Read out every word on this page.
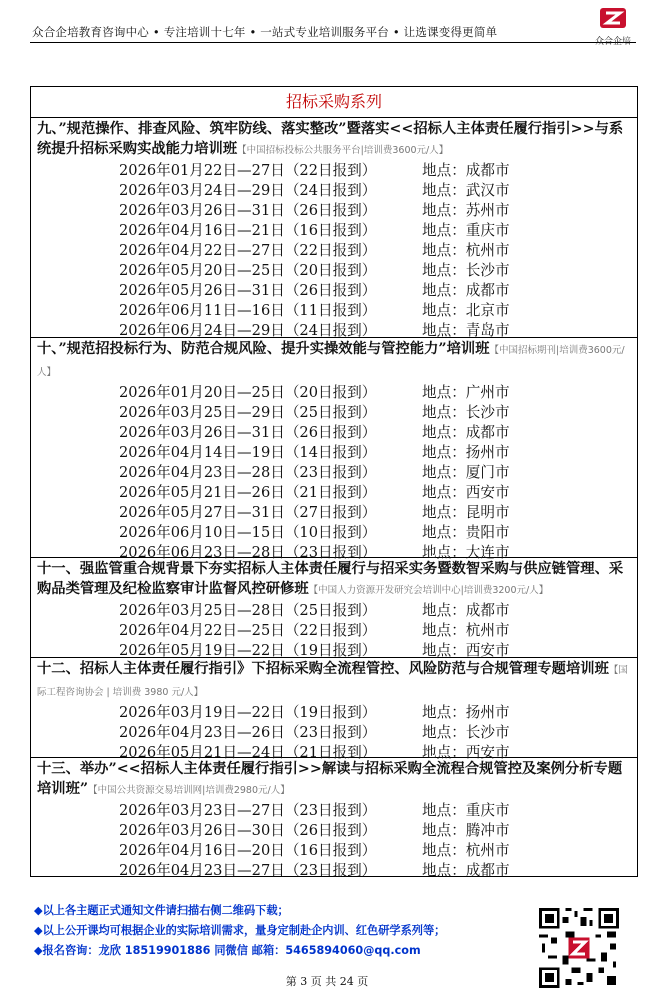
众合企培教育咨询中心 • 专注培训十七年 • 一站式专业培训服务平台 • 让选课变得更简单
众合企培
招标采购系列
九、”规范操作、排查风险、筑牢防线、落实整改”暨落实<<招标人主体责任履行指引>>与系统提升招标采购实战能力培训班【中国招标投标公共服务平台|培训费3600元/人】
2026年01月22日—27日（22日报到）	地点：成都市
2026年03月24日—29日（24日报到）	地点：武汉市
2026年03月26日—31日（26日报到）	地点：苏州市
2026年04月16日—21日（16日报到）	地点：重庆市
2026年04月22日—27日（22日报到）	地点：杭州市
2026年05月20日—25日（20日报到）	地点：长沙市
2026年05月26日—31日（26日报到）	地点：成都市
2026年06月11日—16日（11日报到）	地点：北京市
2026年06月24日—29日（24日报到）	地点：青岛市
十、”规范招投标行为、防范合规风险、提升实操效能与管控能力”培训班【中国招标期刊|培训费3600元/人】
2026年01月20日—25日（20日报到）	地点：广州市
2026年03月25日—29日（25日报到）	地点：长沙市
2026年03月26日—31日（26日报到）	地点：成都市
2026年04月14日—19日（14日报到）	地点：扬州市
2026年04月23日—28日（23日报到）	地点：厦门市
2026年05月21日—26日（21日报到）	地点：西安市
2026年05月27日—31日（27日报到）	地点：昆明市
2026年06月10日—15日（10日报到）	地点：贵阳市
2026年06月23日—28日（23日报到）	地点：大连市
十一、强监管重合规背景下夯实招标人主体责任履行与招采实务暨数智采购与供应链管理、采购品类管理及纪检监察审计监督风控研修班【中国人力资源开发研究会培训中心|培训费3200元/人】
2026年03月25日—28日（25日报到）	地点：成都市
2026年04月22日—25日（22日报到）	地点：杭州市
2026年05月19日—22日（19日报到）	地点：西安市
十二、招标人主体责任履行指引》下招标采购全流程管控、风险防范与合规管理专题培训班【国际工程咨询协会 | 培训费 3980 元/人】
2026年03月19日—22日（19日报到）	地点：扬州市
2026年04月23日—26日（23日报到）	地点：长沙市
2026年05月21日—24日（21日报到）	地点：西安市
十三、举办”<<招标人主体责任履行指引>>解读与招标采购全流程合规管控及案例分析专题培训班”【中国公共资源交易培训网|培训费2980元/人】
2026年03月23日—27日（23日报到）	地点：重庆市
2026年03月26日—30日（26日报到）	地点：腾冲市
2026年04月16日—20日（16日报到）	地点：杭州市
2026年04月23日—27日（23日报到）	地点：成都市
◆以上各主题正式通知文件请扫描右侧二维码下载；
◆以上公开课均可根据企业的实际培训需求，量身定制赴企内训、红色研学系列等；
◆报名咨询：龙欣 18519901886 同微信 邮箱：5465894060@qq.com
第 3 页 共 24 页
